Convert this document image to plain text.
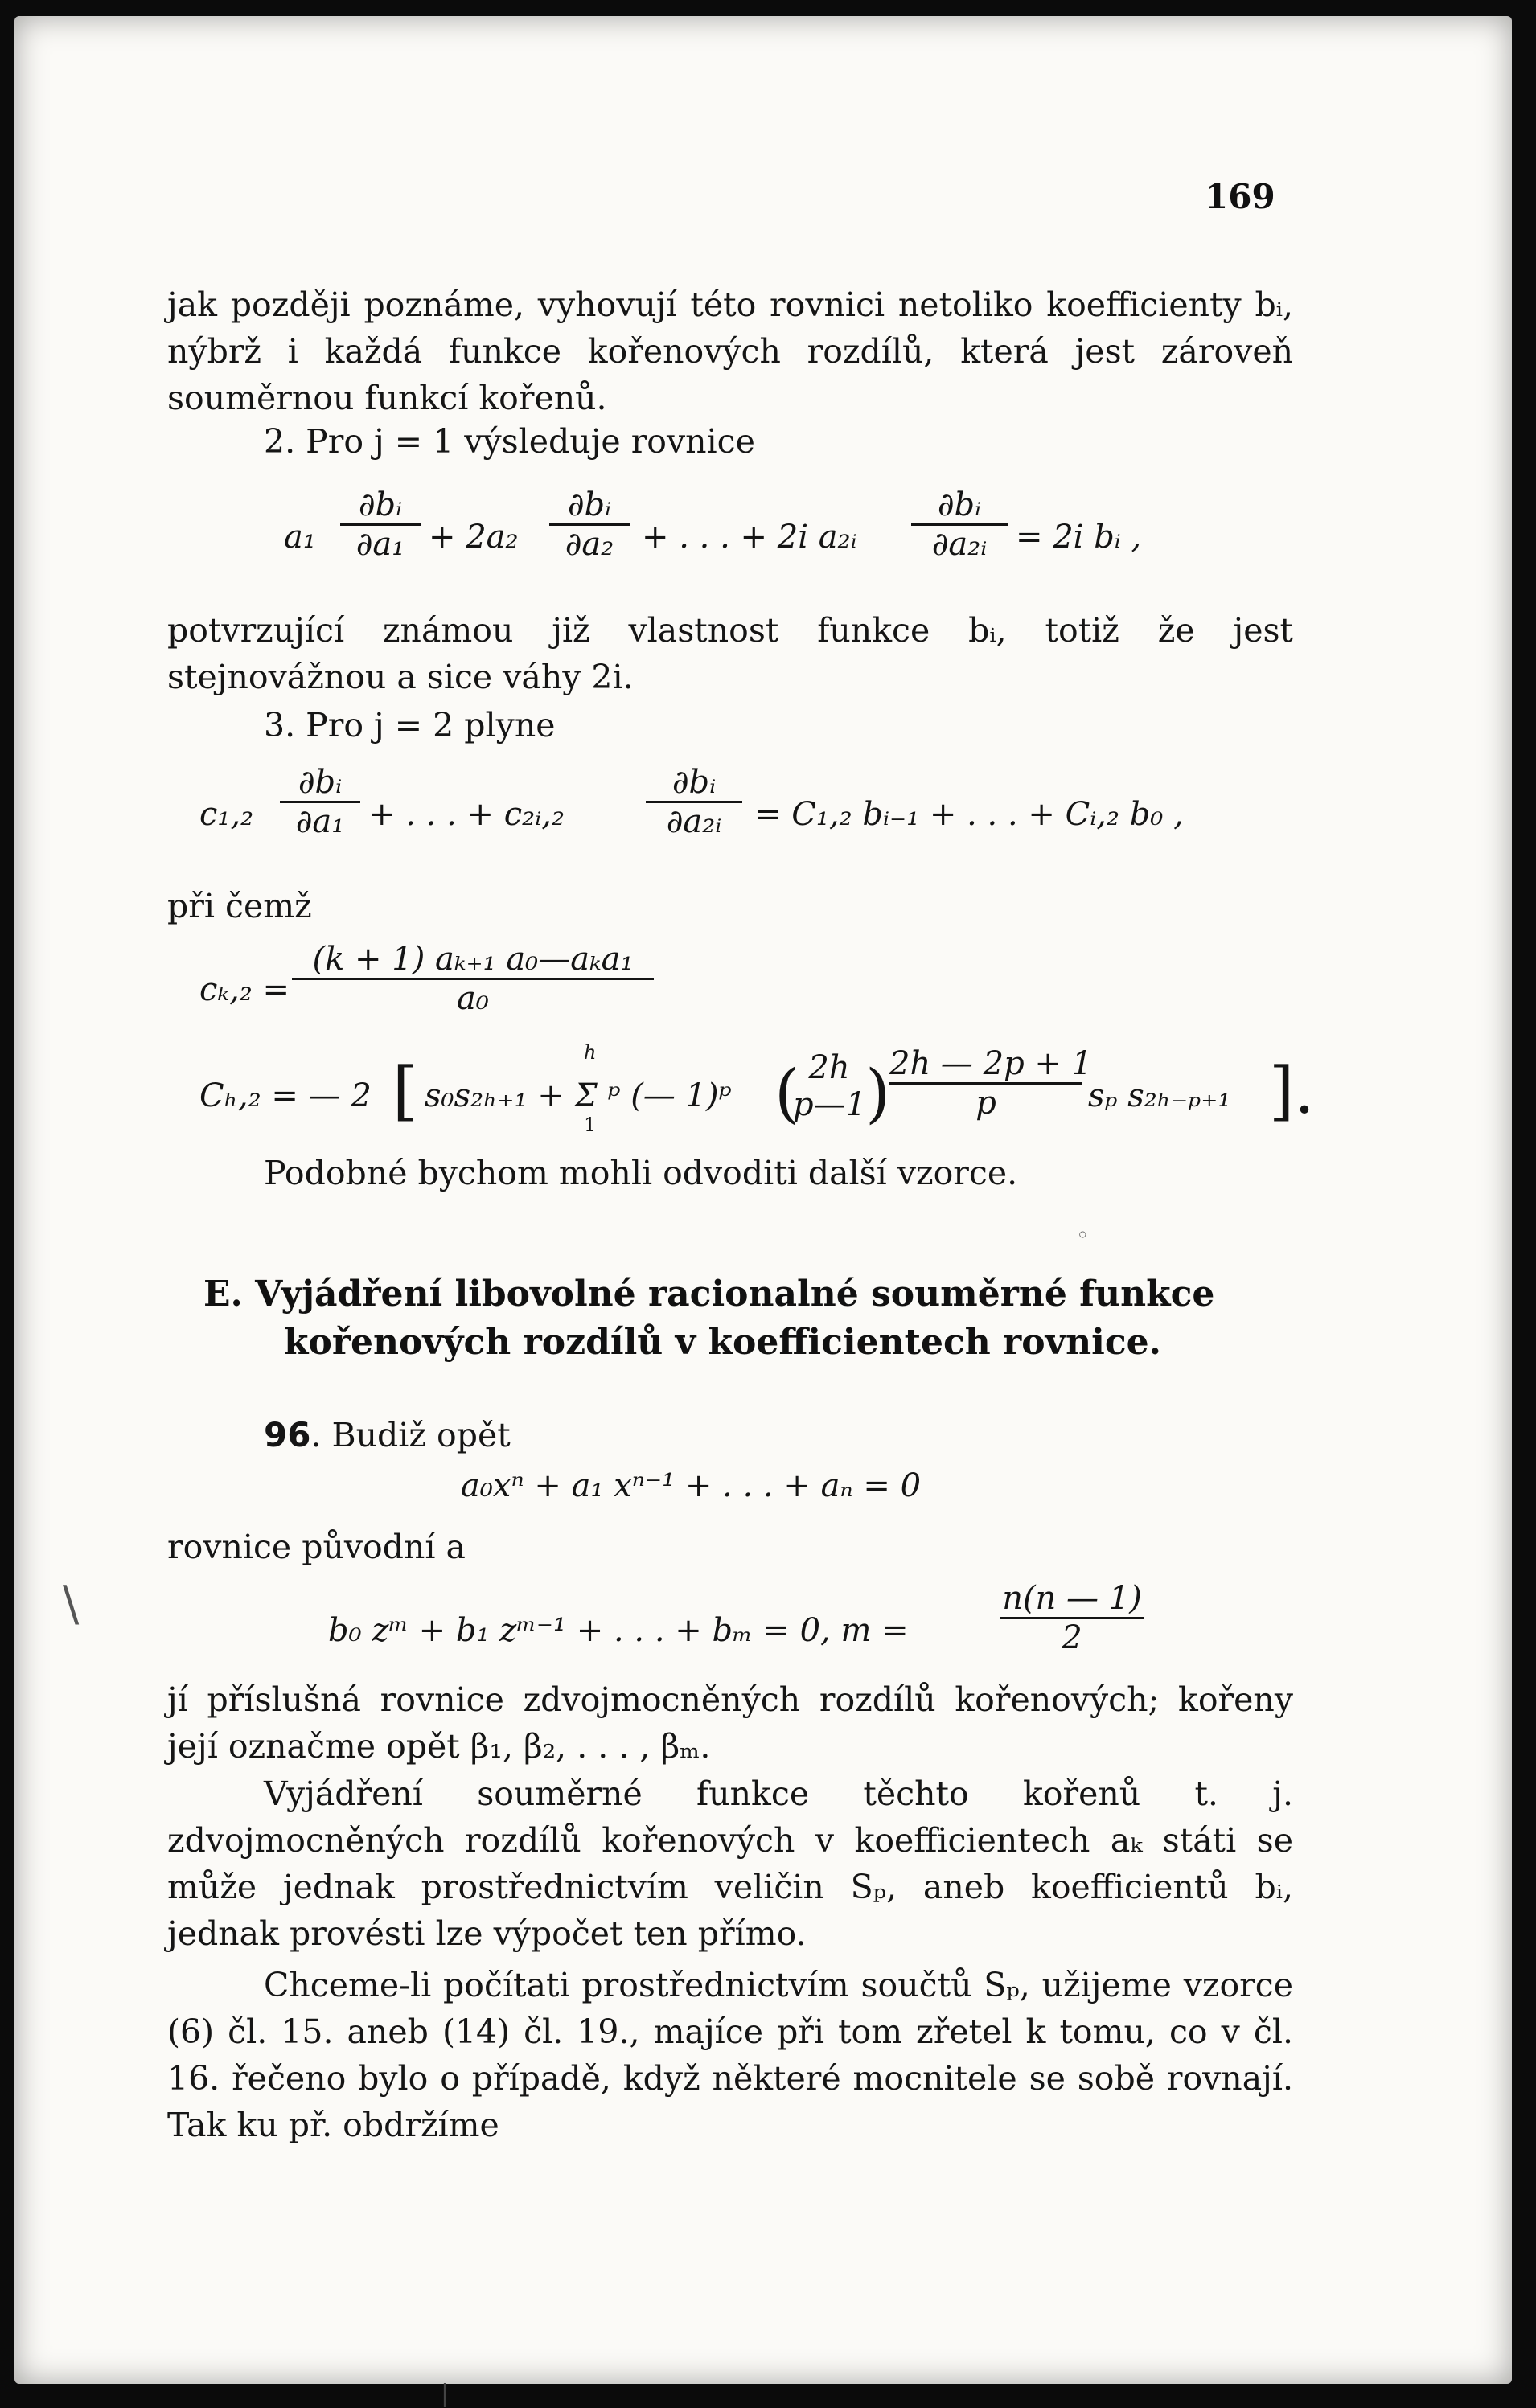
169
jak později poznáme, vyhovují této rovnici netoliko koefficienty bᵢ, nýbrž i každá funkce kořenových rozdílů, která jest zároveň souměrnou funkcí kořenů.
2. Pro j = 1 výsleduje rovnice
a₁
∂bᵢ
∂a₁ + 2a₂
∂bᵢ
∂a₂ + . . . + 2i a₂ᵢ
∂bᵢ
∂a₂ᵢ = 2i bᵢ ,
potvrzující známou již vlastnost funkce bᵢ, totiž že jest stejnovážnou a sice váhy 2i.
3. Pro j = 2 plyne
c₁,₂
∂bᵢ
∂a₁ + . . . + c₂ᵢ,₂
∂bᵢ
∂a₂ᵢ	= C₁,₂ bᵢ₋₁ + . . . + Cᵢ,₂ b₀ ,
při čemž
cₖ,₂ =
(k + 1) aₖ₊₁ a₀—aₖa₁
a₀
Cₕ,₂ = — 2 [
h
1
s₀s₂ₕ₊₁ + Σ ᵖ (— 1)ᵖ ( 2h
p—1
)
2h — 2p + 1
p	sₚ s₂ₕ₋ₚ₊₁ ].
Podobné bychom mohli odvoditi další vzorce.
◦
E. Vyjádření libovolné racionalné souměrné funkce
kořenových rozdílů v koefficientech rovnice.
96. Budiž opět
a₀xⁿ + a₁ xⁿ⁻¹ + . . . + aₙ = 0
rovnice původní a
b₀ zᵐ + b₁ zᵐ⁻¹ + . . . + bₘ = 0, m =
n(n — 1)
2
jí příslušná rovnice zdvojmocněných rozdílů kořenových; kořeny její označme opět β₁, β₂, . . . , βₘ.
Vyjádření souměrné funkce těchto kořenů t. j. zdvojmocněných rozdílů kořenových v koefficientech aₖ státi se může jednak prostřednictvím veličin Sₚ, aneb koefficientů bᵢ, jednak provésti lze výpočet ten přímo.
Chceme-li počítati prostřednictvím součtů Sₚ, užijeme vzorce (6) čl. 15. aneb (14) čl. 19., majíce při tom zřetel k tomu, co v čl. 16. řečeno bylo o případě, když některé mocnitele se sobě rovnají. Tak ku př. obdržíme
\
|
